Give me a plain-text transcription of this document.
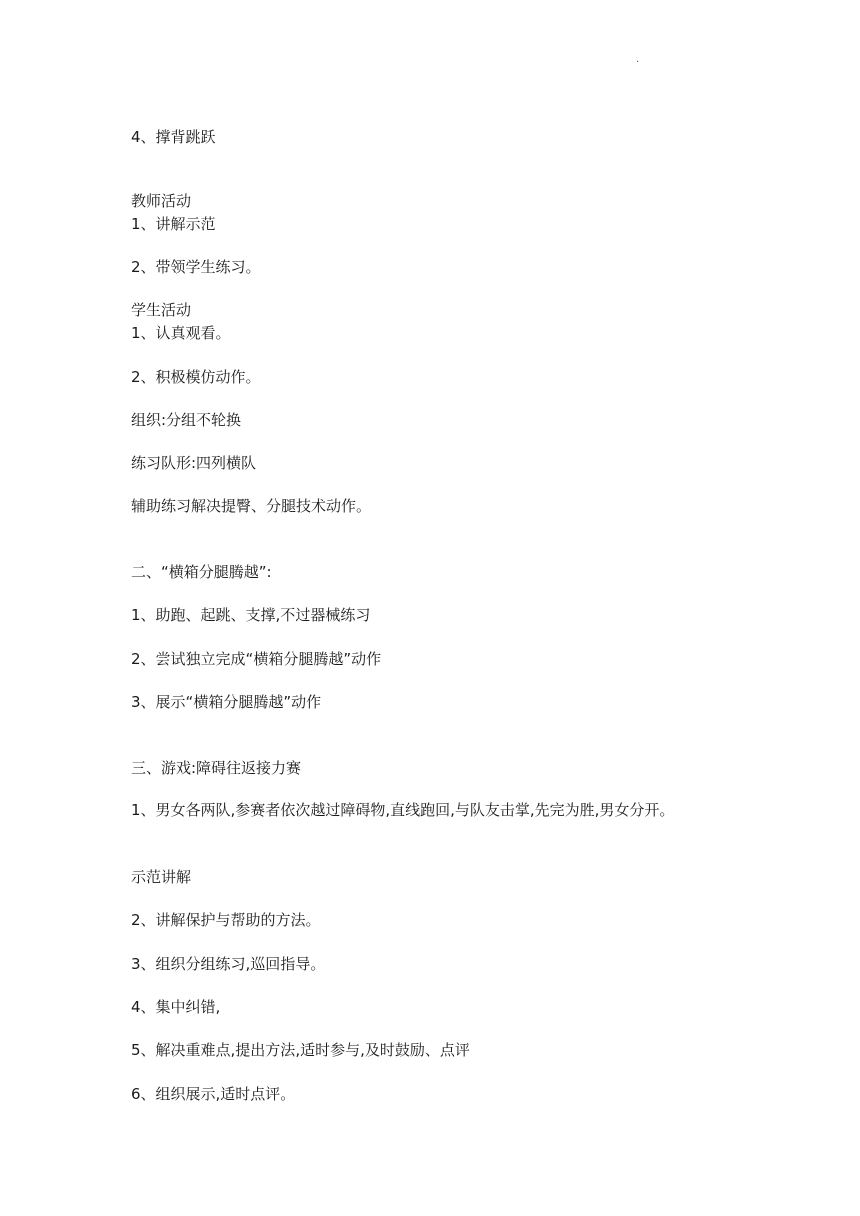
·
4、撑背跳跃
教师活动
1、讲解示范
2、带领学生练习。
学生活动
1、认真观看。
2、积极模仿动作。
组织:分组不轮换
练习队形:四列横队
辅助练习解决提臀、分腿技术动作。
二、“横箱分腿腾越”:
1、助跑、起跳、支撑,不过器械练习
2、尝试独立完成“横箱分腿腾越”动作
3、展示“横箱分腿腾越”动作
三、游戏:障碍往返接力赛
1、男女各两队,参赛者依次越过障碍物,直线跑回,与队友击掌,先完为胜,男女分开。
示范讲解
2、讲解保护与帮助的方法。
3、组织分组练习,巡回指导。
4、集中纠错,
5、解决重难点,提出方法,适时参与,及时鼓励、点评
6、组织展示,适时点评。
